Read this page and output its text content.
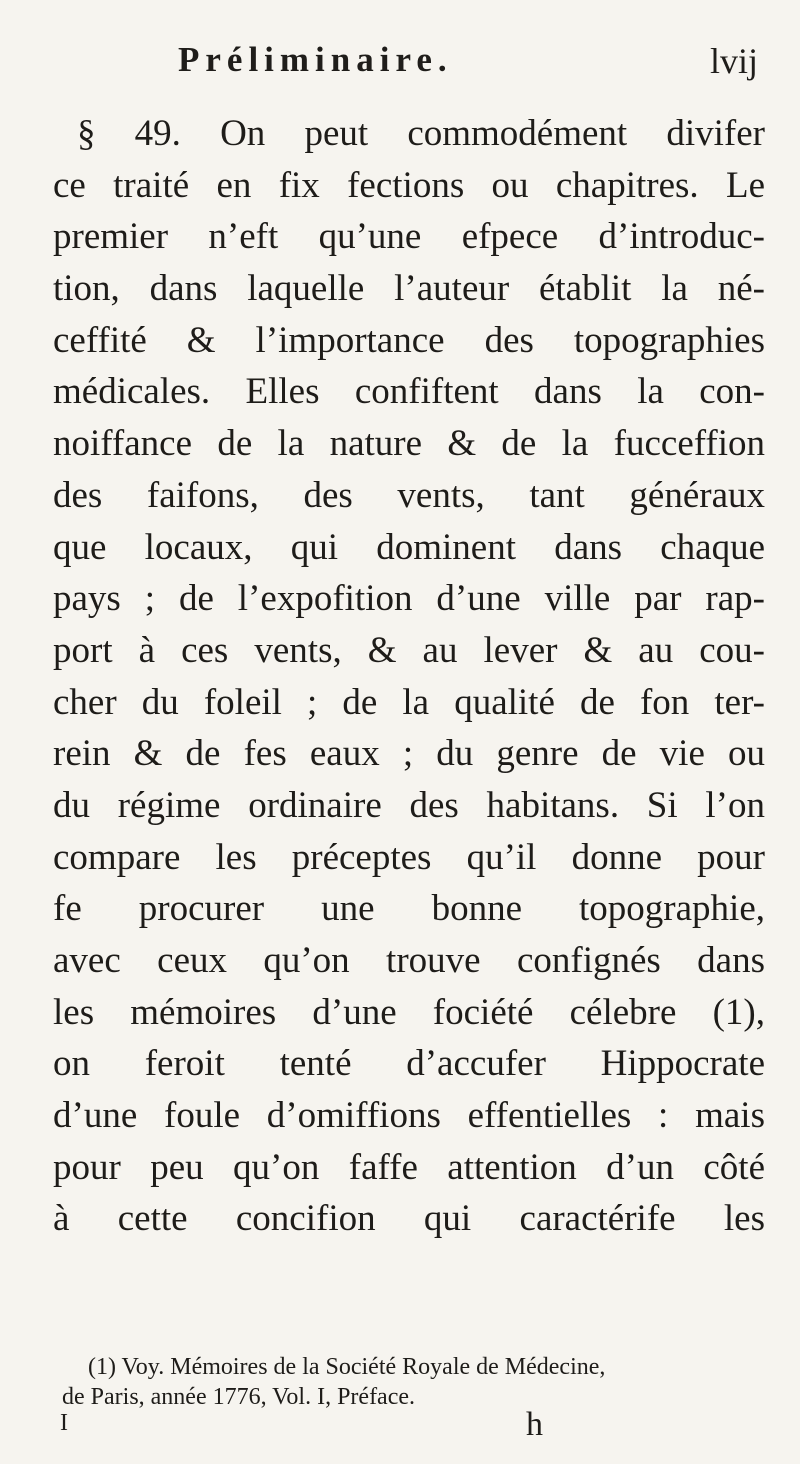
Préliminaire.	lvij
§ 49. On peut commodément divifer
ce traité en fix fections ou chapitres. Le
premier n’eft qu’une efpece d’introduc-
tion, dans laquelle l’auteur établit la né-
ceffité & l’importance des topographies
médicales. Elles confiftent dans la con-
noiffance de la nature & de la fucceffion
des faifons, des vents, tant généraux
que locaux, qui dominent dans chaque
pays ; de l’expofition d’une ville par rap-
port à ces vents, & au lever & au cou-
cher du foleil ; de la qualité de fon ter-
rein & de fes eaux ; du genre de vie ou
du régime ordinaire des habitans. Si l’on
compare les préceptes qu’il donne pour
fe procurer une bonne topographie,
avec ceux qu’on trouve confignés dans
les mémoires d’une fociété célebre (1),
on feroit tenté d’accufer Hippocrate
d’une foule d’omiffions effentielles : mais
pour peu qu’on faffe attention d’un côté
à cette concifion qui caractérife les
(1) Voy. Mémoires de la Société Royale de Médecine,
de Paris, année 1776, Vol. I, Préface.
I	h
